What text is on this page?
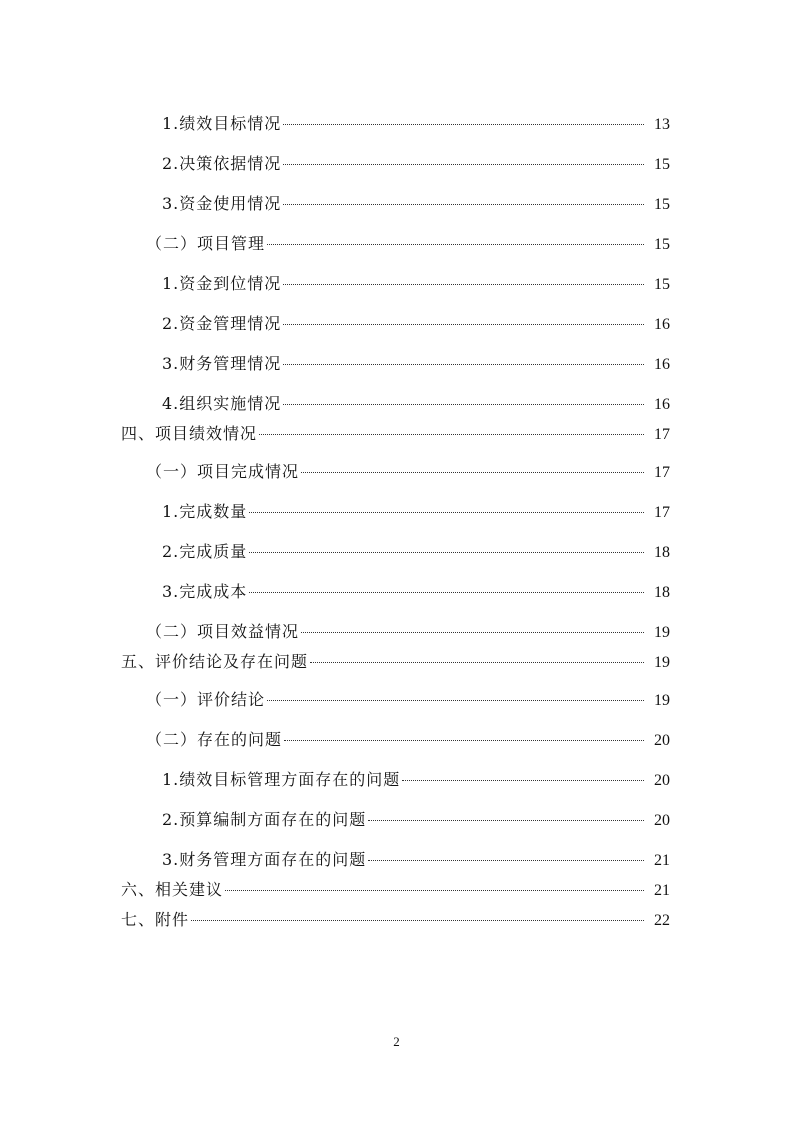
1.绩效目标情况	13
2.决策依据情况	15
3.资金使用情况	15
（二）项目管理	15
1.资金到位情况	15
2.资金管理情况	16
3.财务管理情况	16
4.组织实施情况	16
四、项目绩效情况	17
（一）项目完成情况	17
1.完成数量	17
2.完成质量	18
3.完成成本	18
（二）项目效益情况	19
五、评价结论及存在问题	19
（一）评价结论	19
（二）存在的问题	20
1.绩效目标管理方面存在的问题	20
2.预算编制方面存在的问题	20
3.财务管理方面存在的问题	21
六、相关建议	21
七、附件	22
2
